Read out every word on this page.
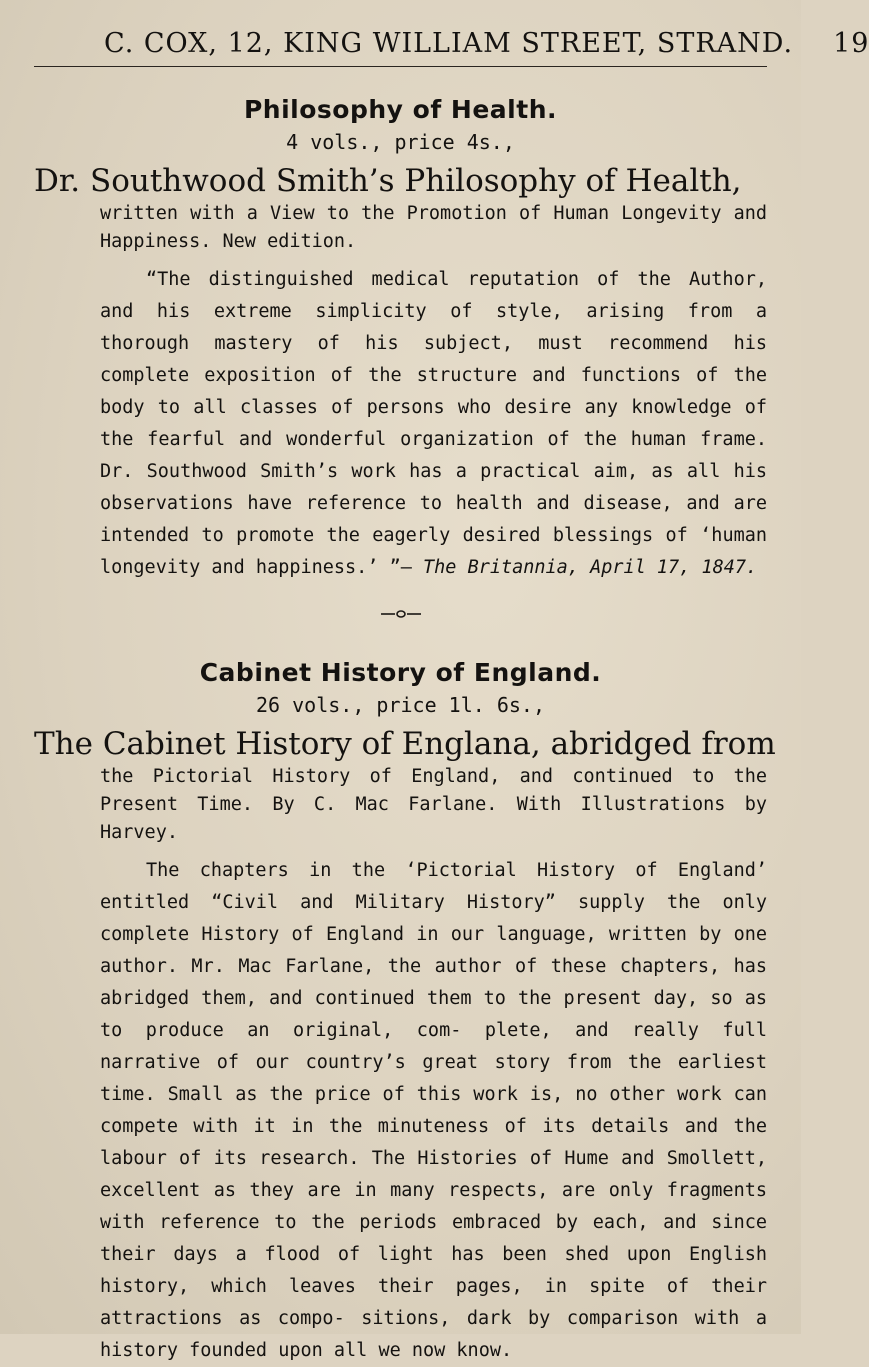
C. COX, 12, KING WILLIAM STREET, STRAND. 19
Philosophy of Health.
4 vols., price 4s.,
Dr. Southwood Smith’s Philosophy of Health,
written with a View to the Promotion of Human Longevity and Happiness. New edition.
“The distinguished medical reputation of the Author, and his extreme simplicity of style, arising from a thorough mastery of his subject, must recommend his complete exposition of the structure and functions of the body to all classes of persons who desire any knowledge of the fearful and wonderful organization of the human frame. Dr. Southwood Smith’s work has a practical aim, as all his observations have reference to health and disease, and are intended to promote the eagerly desired blessings of ‘human longevity and happiness.’ ”— The Britannia, April 17, 1847.
Cabinet History of England.
26 vols., price 1l. 6s.,
The Cabinet History of Englana, abridged from
the Pictorial History of England, and continued to the Present Time. By C. Mac Farlane. With Illustrations by Harvey.
The chapters in the ‘Pictorial History of England’ entitled “Civil and Military History” supply the only complete History of England in our language, written by one author. Mr. Mac Farlane, the author of these chapters, has abridged them, and continued them to the present day, so as to produce an original, com- plete, and really full narrative of our country’s great story from the earliest time. Small as the price of this work is, no other work can compete with it in the minuteness of its details and the labour of its research. The Histories of Hume and Smollett, excellent as they are in many respects, are only fragments with reference to the periods embraced by each, and since their days a flood of light has been shed upon English history, which leaves their pages, in spite of their attractions as compo- sitions, dark by comparison with a history founded upon all we now know.
